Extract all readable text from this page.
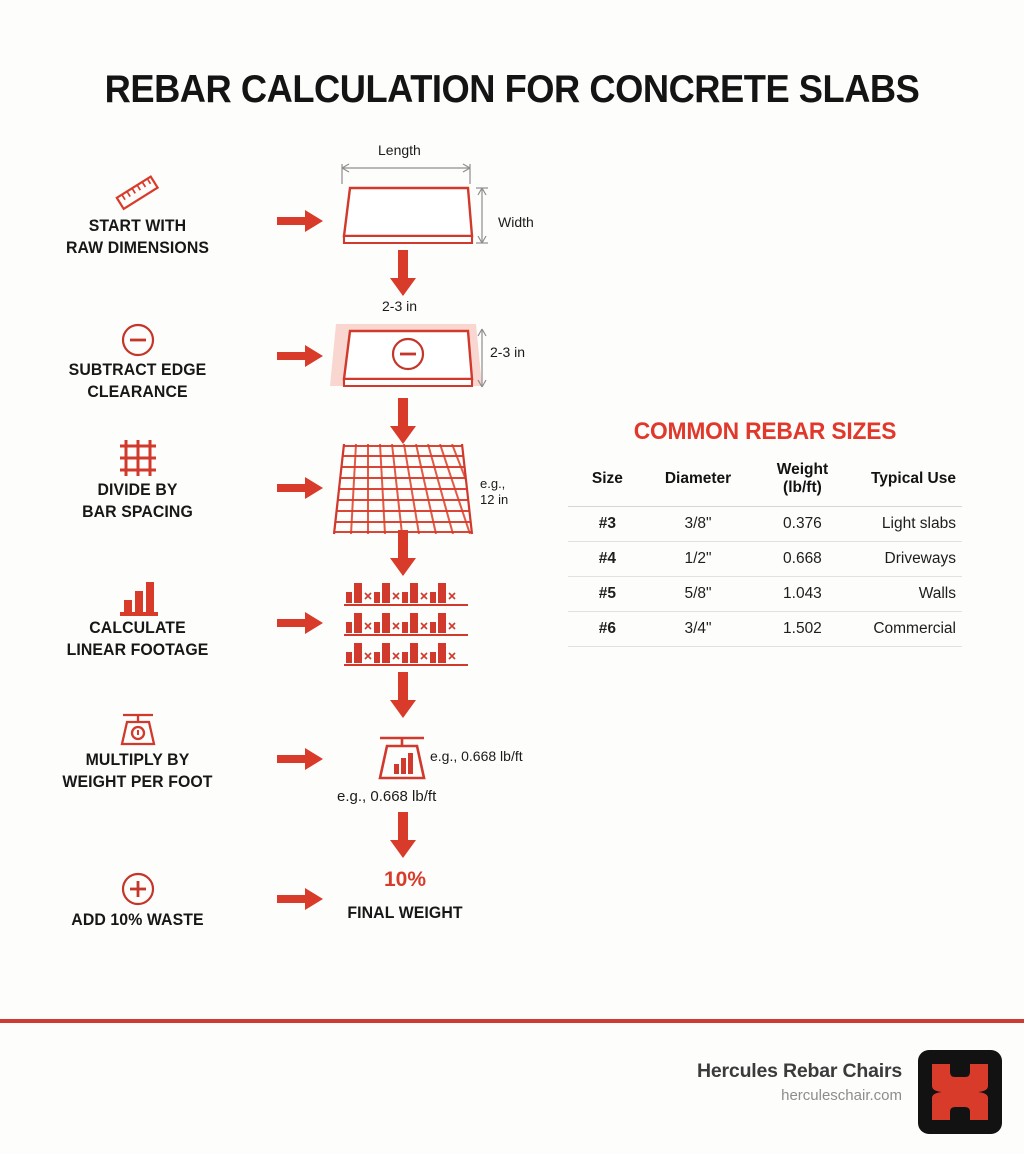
REBAR CALCULATION FOR CONCRETE SLABS
START WITH
RAW DIMENSIONS
Length
Width
SUBTRACT EDGE
CLEARANCE
2-3 in
2-3 in
DIVIDE BY
BAR SPACING
e.g.,
12 in
CALCULATE
LINEAR FOOTAGE
MULTIPLY BY
WEIGHT PER FOOT
e.g., 0.668 lb/ft
e.g., 0.668 lb/ft
ADD 10% WASTE
10%
FINAL WEIGHT
COMMON REBAR SIZES
Size	Diameter	Weight (lb/ft)	Typical Use
#3	3/8"	0.376	Light slabs
#4	1/2"	0.668	Driveways
#5	5/8"	1.043	Walls
#6	3/4"	1.502	Commercial
Hercules Rebar Chairs
herculeschair.com
